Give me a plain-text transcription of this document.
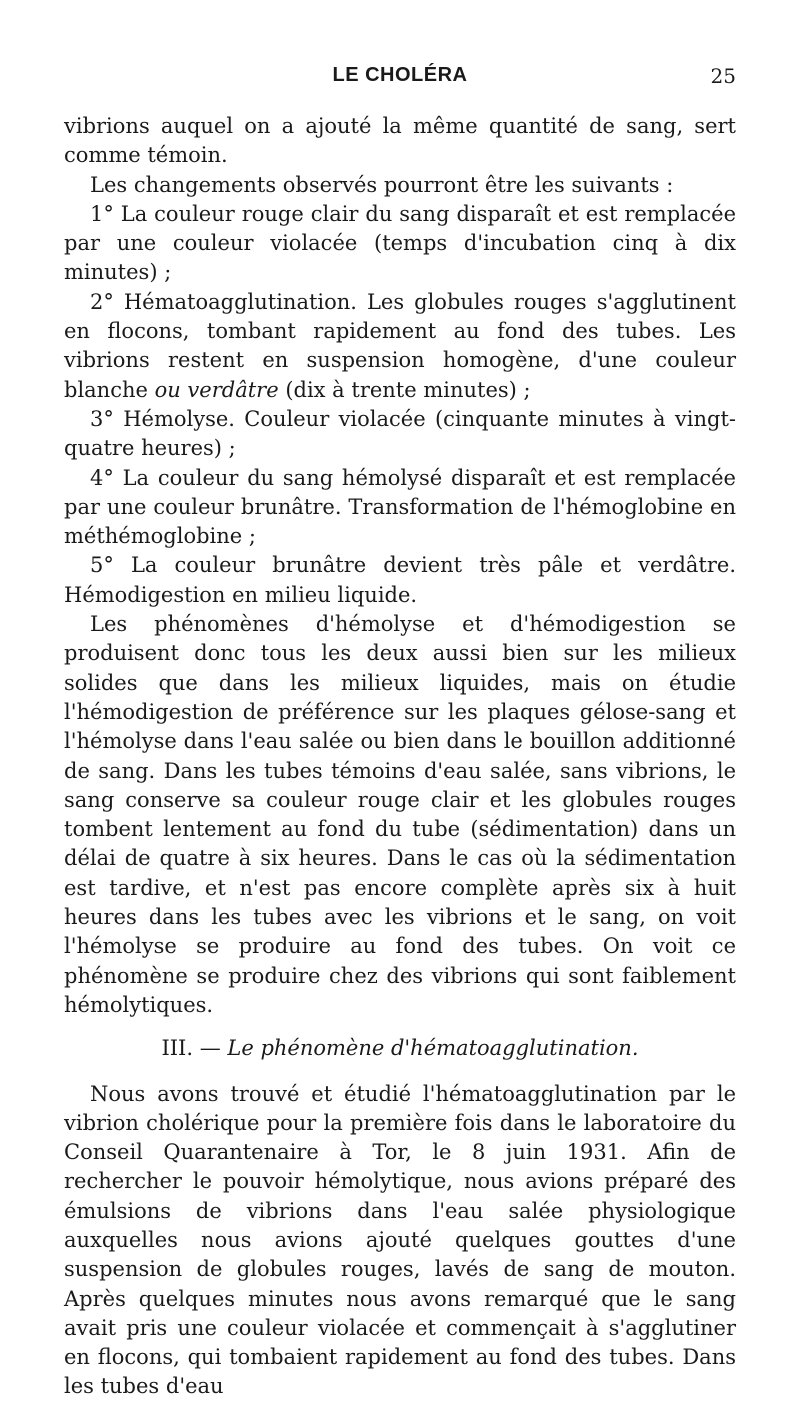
LE CHOLÉRA	25

vibrions auquel on a ajouté la même quantité de sang, sert comme témoin.

Les changements observés pourront être les suivants :

1° La couleur rouge clair du sang disparaît et est remplacée par une couleur violacée (temps d'incubation cinq à dix minutes) ;

2° Hématoagglutination. Les globules rouges s'agglutinent en flocons, tombant rapidement au fond des tubes. Les vibrions restent en suspension homogène, d'une couleur blanche ou verdâtre (dix à trente minutes) ;

3° Hémolyse. Couleur violacée (cinquante minutes à vingt-quatre heures) ;

4° La couleur du sang hémolysé disparaît et est remplacée par une couleur brunâtre. Transformation de l'hémoglobine en méthémoglobine ;

5° La couleur brunâtre devient très pâle et verdâtre. Hémodigestion en milieu liquide.

Les phénomènes d'hémolyse et d'hémodigestion se produisent donc tous les deux aussi bien sur les milieux solides que dans les milieux liquides, mais on étudie l'hémodigestion de préférence sur les plaques gélose-sang et l'hémolyse dans l'eau salée ou bien dans le bouillon additionné de sang. Dans les tubes témoins d'eau salée, sans vibrions, le sang conserve sa couleur rouge clair et les globules rouges tombent lentement au fond du tube (sédimentation) dans un délai de quatre à six heures. Dans le cas où la sédimentation est tardive, et n'est pas encore complète après six à huit heures dans les tubes avec les vibrions et le sang, on voit l'hémolyse se produire au fond des tubes. On voit ce phénomène se produire chez des vibrions qui sont faiblement hémolytiques.

III. — Le phénomène d'hématoagglutination.

Nous avons trouvé et étudié l'hématoagglutination par le vibrion cholérique pour la première fois dans le laboratoire du Conseil Quarantenaire à Tor, le 8 juin 1931. Afin de rechercher le pouvoir hémolytique, nous avions préparé des émulsions de vibrions dans l'eau salée physiologique auxquelles nous avions ajouté quelques gouttes d'une suspension de globules rouges, lavés de sang de mouton. Après quelques minutes nous avons remarqué que le sang avait pris une couleur violacée et commençait à s'agglutiner en flocons, qui tombaient rapidement au fond des tubes. Dans les tubes d'eau
